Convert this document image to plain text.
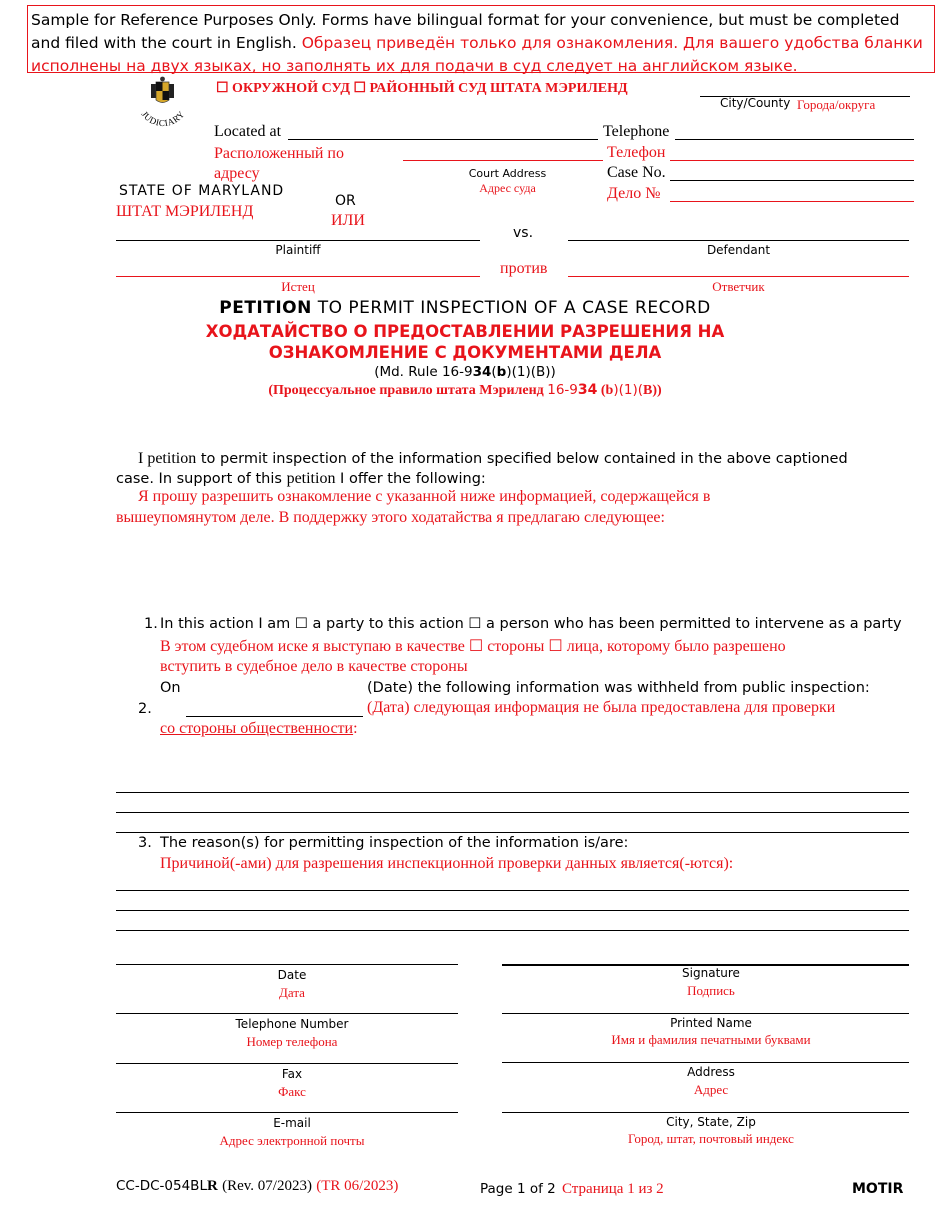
Sample for Reference Purposes Only. Forms have bilingual format for your convenience, but must be completed and filed with the court in English. Образец приведён только для ознакомления. Для вашего удобства бланки исполнены на двух языках, но заполнять их для подачи в суд следует на английском языке.
JUDICIARY
☐ ОКРУЖНОЙ СУД ☐ РАЙОННЫЙ СУД ШТАТА МЭРИЛЕНД
City/County Города/округа
Located at
Расположенный по адресу	Court Address
Адрес суда
Telephone
Телефон
Case No.
Дело №
STATE OF MARYLAND
ШТАТ МЭРИЛЕНД
OR
ИЛИ
Plaintiff
Истец
vs.
против
Defendant
Ответчик
PETITION TO PERMIT INSPECTION OF A CASE RECORD
ХОДАТАЙСТВО О ПРЕДОСТАВЛЕНИИ РАЗРЕШЕНИЯ НА
ОЗНАКОМЛЕНИЕ С ДОКУМЕНТАМИ ДЕЛА
(Md. Rule 16-934(b)(1)(B))
(Процессуальное правило штата Мэриленд 16-934 (b)(1)(B))
I petition to permit inspection of the information specified below contained in the above captioned
case. In support of this petition I offer the following:
Я прошу разрешить ознакомление с указанной ниже информацией, содержащейся в
вышеупомянутом деле. В поддержку этого ходатайства я предлагаю следующее:
1. In this action I am ☐ a party to this action ☐ a person who has been permitted to intervene as a party
В этом судебном иске я выступаю в качестве ☐ стороны ☐ лица, которому было разрешено
вступить в судебное дело в качестве стороны
On	(Date) the following information was withheld from public inspection:
2.	(Дата) следующая информация не была предоставлена для проверки
со стороны общественности:
3. The reason(s) for permitting inspection of the information is/are:
Причиной(-ами) для разрешения инспекционной проверки данных является(-ются):
Date
Дата
Telephone Number
Номер телефона
Fax
Факс
E-mail
Адрес электронной почты
Signature
Подпись
Printed Name
Имя и фамилия печатными буквами
Address
Адрес
City, State, Zip
Город, штат, почтовый индекс
CC-DC-054BLR (Rev. 07/2023) (TR 06/2023)	Page 1 of 2 Страница 1 из 2	MOTIR
